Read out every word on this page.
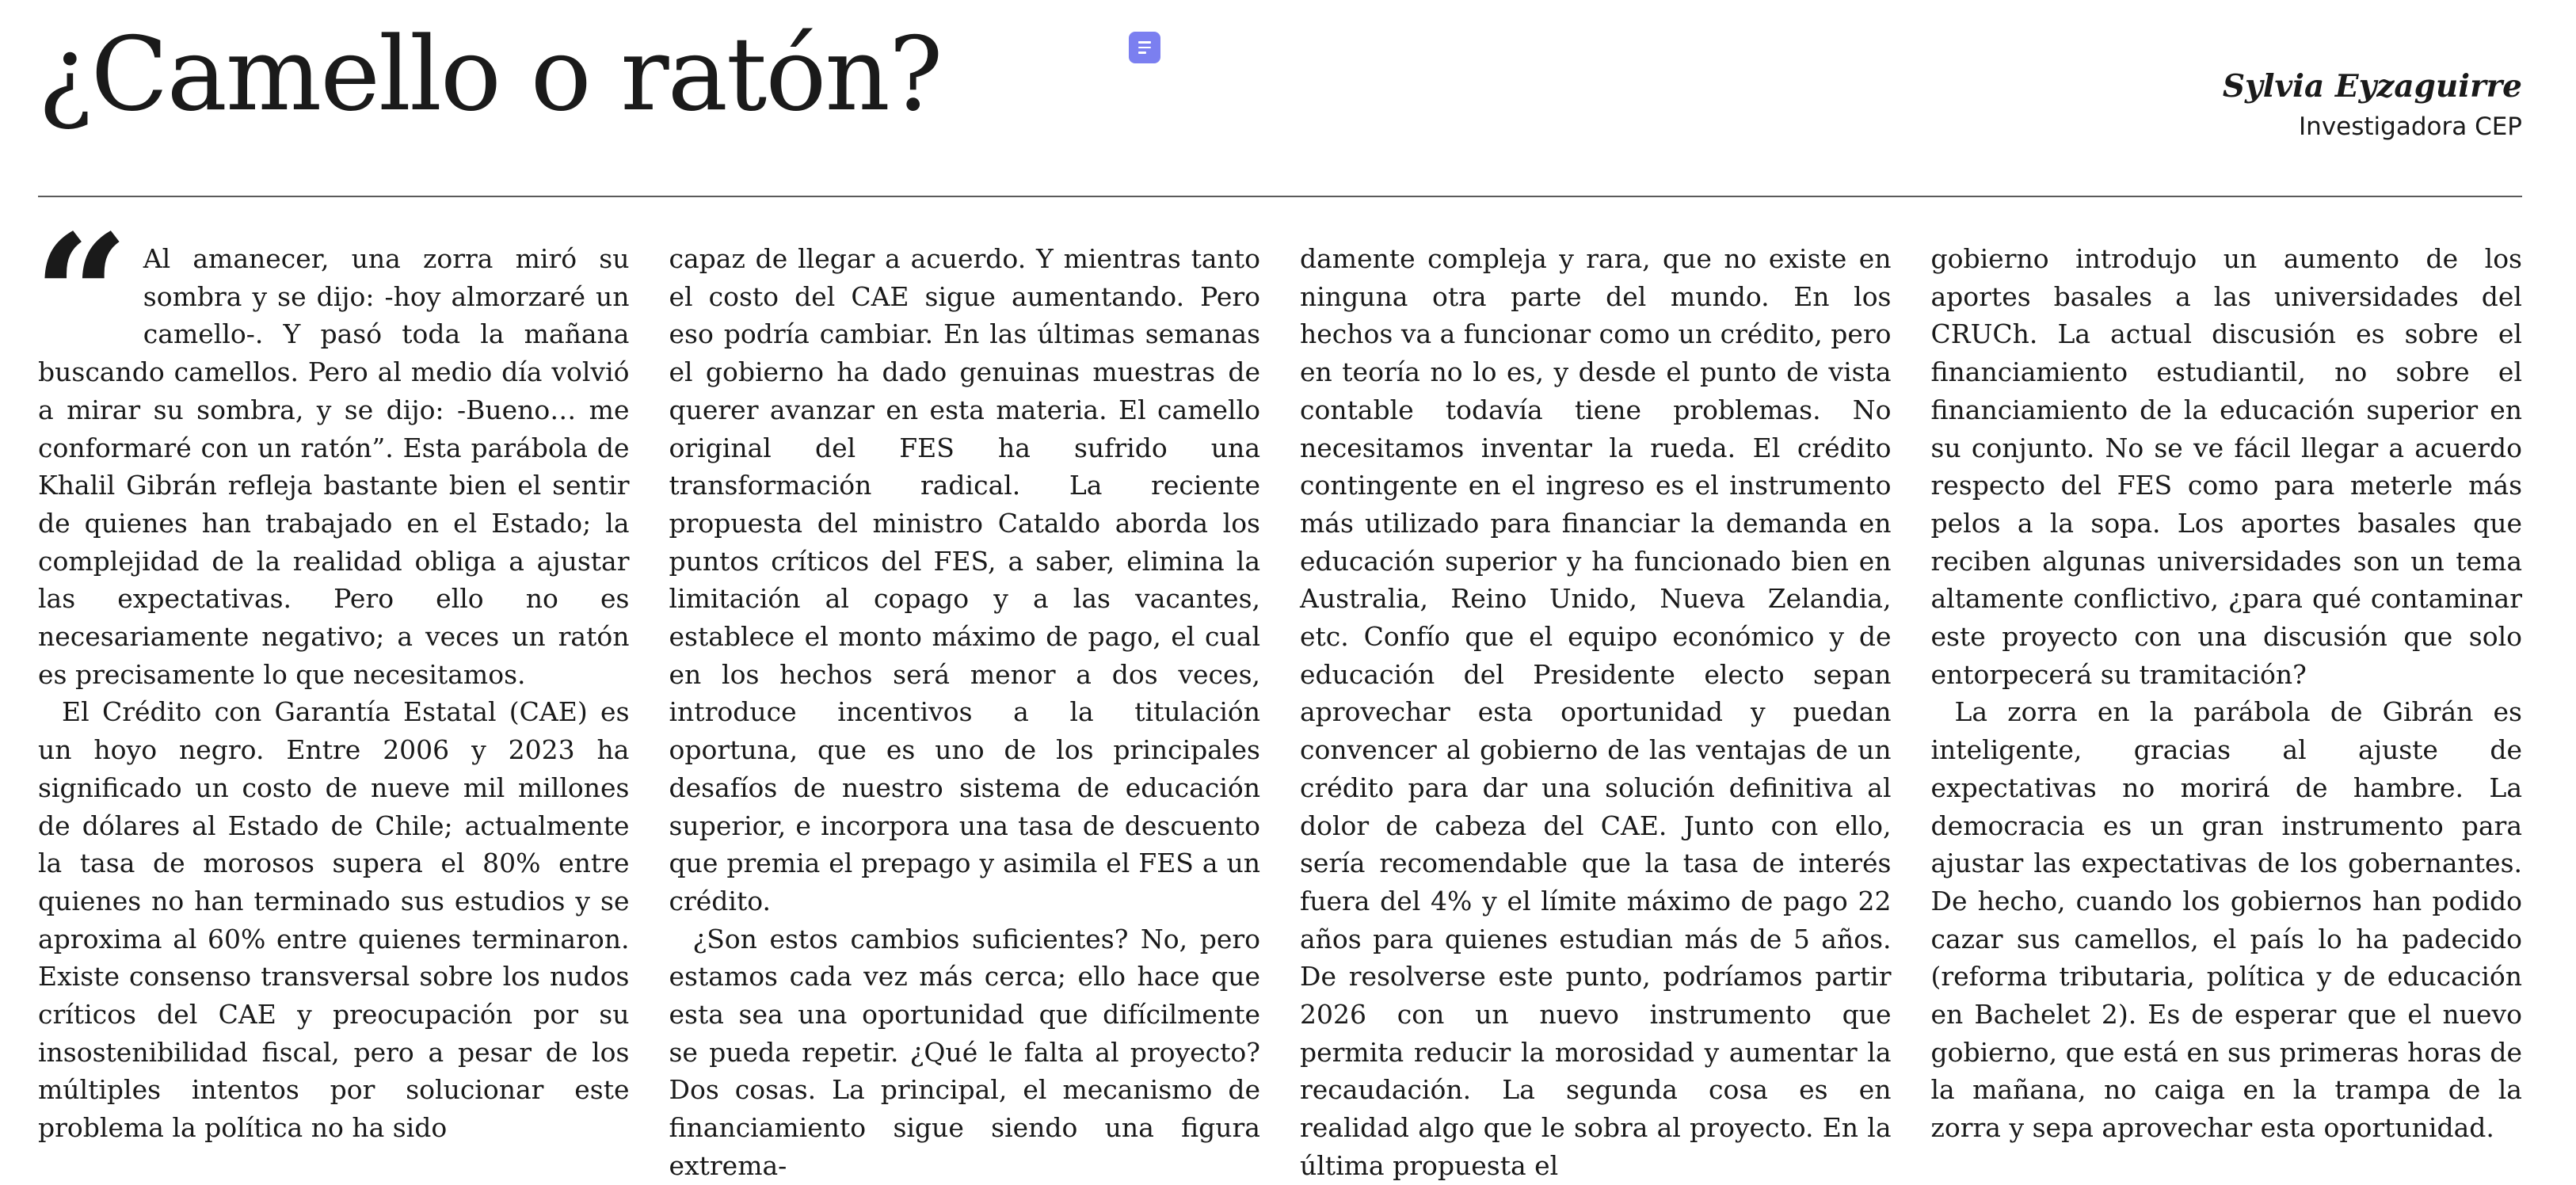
¿Camello o ratón?	Sylvia Eyzaguirre
Investigadora CEP
“ Al amanecer, una zorra miró su sombra y se dijo: -hoy almorzaré un camello-. Y pasó toda la mañana buscando camellos. Pero al medio día volvió a mirar su sombra, y se dijo: -Bueno… me conformaré con un ratón”. Esta parábola de Khalil Gibrán refleja bastante bien el sentir de quienes han trabajado en el Estado; la complejidad de la realidad obliga a ajustar las expectativas. Pero ello no es necesariamente negativo; a veces un ratón es precisamente lo que necesitamos.

El Crédito con Garantía Estatal (CAE) es un hoyo negro. Entre 2006 y 2023 ha significado un costo de nueve mil millones de dólares al Estado de Chile; actualmente la tasa de morosos supera el 80% entre quienes no han terminado sus estudios y se aproxima al 60% entre quienes terminaron. Existe consenso transversal sobre los nudos críticos del CAE y preocupación por su insostenibilidad fiscal, pero a pesar de los múltiples intentos por solucionar este problema la política no ha sido

capaz de llegar a acuerdo. Y mientras tanto el costo del CAE sigue aumentando. Pero eso podría cambiar. En las últimas semanas el gobierno ha dado genuinas muestras de querer avanzar en esta materia. El camello original del FES ha sufrido una transformación radical. La reciente propuesta del ministro Cataldo aborda los puntos críticos del FES, a saber, elimina la limitación al copago y a las vacantes, establece el monto máximo de pago, el cual en los hechos será menor a dos veces, introduce incentivos a la titulación oportuna, que es uno de los principales desafíos de nuestro sistema de educación superior, e incorpora una tasa de descuento que premia el prepago y asimila el FES a un crédito.

¿Son estos cambios suficientes? No, pero estamos cada vez más cerca; ello hace que esta sea una oportunidad que difícilmente se pueda repetir. ¿Qué le falta al proyecto? Dos cosas. La principal, el mecanismo de financiamiento sigue siendo una figura extrema-

damente compleja y rara, que no existe en ninguna otra parte del mundo. En los hechos va a funcionar como un crédito, pero en teoría no lo es, y desde el punto de vista contable todavía tiene problemas. No necesitamos inventar la rueda. El crédito contingente en el ingreso es el instrumento más utilizado para financiar la demanda en educación superior y ha funcionado bien en Australia, Reino Unido, Nueva Zelandia, etc. Confío que el equipo económico y de educación del Presidente electo sepan aprovechar esta oportunidad y puedan convencer al gobierno de las ventajas de un crédito para dar una solución definitiva al dolor de cabeza del CAE. Junto con ello, sería recomendable que la tasa de interés fuera del 4% y el límite máximo de pago 22 años para quienes estudian más de 5 años. De resolverse este punto, podríamos partir 2026 con un nuevo instrumento que permita reducir la morosidad y aumentar la recaudación. La segunda cosa es en realidad algo que le sobra al proyecto. En la última propuesta el

gobierno introdujo un aumento de los aportes basales a las universidades del CRUCh. La actual discusión es sobre el financiamiento estudiantil, no sobre el financiamiento de la educación superior en su conjunto. No se ve fácil llegar a acuerdo respecto del FES como para meterle más pelos a la sopa. Los aportes basales que reciben algunas universidades son un tema altamente conflictivo, ¿para qué contaminar este proyecto con una discusión que solo entorpecerá su tramitación?

La zorra en la parábola de Gibrán es inteligente, gracias al ajuste de expectativas no morirá de hambre. La democracia es un gran instrumento para ajustar las expectativas de los gobernantes. De hecho, cuando los gobiernos han podido cazar sus camellos, el país lo ha padecido (reforma tributaria, política y de educación en Bachelet 2). Es de esperar que el nuevo gobierno, que está en sus primeras horas de la mañana, no caiga en la trampa de la zorra y sepa aprovechar esta oportunidad.
